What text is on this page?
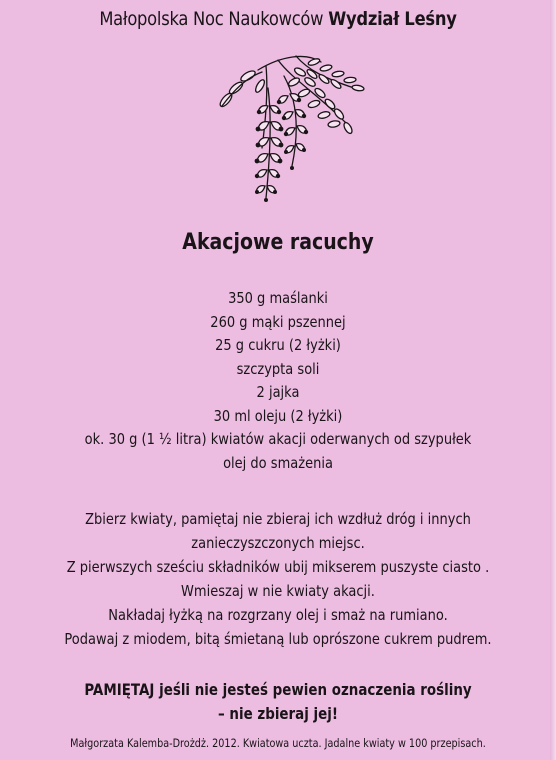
Małopolska Noc Naukowców Wydział Leśny
Akacjowe racuchy
350 g maślanki
260 g mąki pszennej
25 g cukru (2 łyżki)
szczypta soli
2 jajka
30 ml oleju (2 łyżki)
ok. 30 g (1 ½ litra) kwiatów akacji oderwanych od szypułek
olej do smażenia

Zbierz kwiaty, pamiętaj nie zbieraj ich wzdłuż dróg i innych

zanieczyszczonych miejsc.

Z pierwszych sześciu składników ubij mikserem puszyste ciasto .

Wmieszaj w nie kwiaty akacji.

Nakładaj łyżką na rozgrzany olej i smaż na rumiano.

Podawaj z miodem, bitą śmietaną lub oprószone cukrem pudrem.

PAMIĘTAJ jeśli nie jesteś pewien oznaczenia rośliny

– nie zbieraj jej!

Małgorzata Kalemba-Drożdż. 2012. Kwiatowa uczta. Jadalne kwiaty w 100 przepisach.
